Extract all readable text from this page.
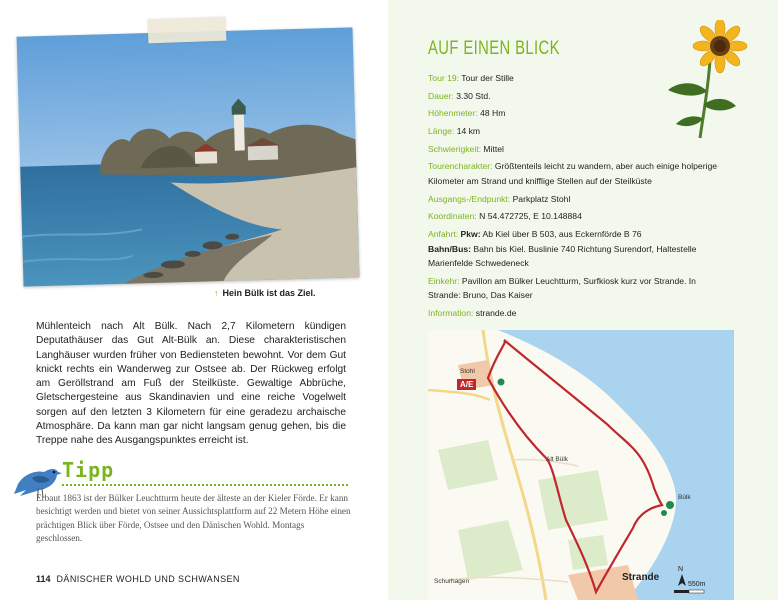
↑ Hein Bülk ist das Ziel.

Mühlenteich nach Alt Bülk. Nach 2,7 Kilometern kündigen Deputathäuser das Gut Alt-Bülk an. Diese charakteristischen Langhäuser wurden früher von Bediensteten bewohnt. Vor dem Gut knickt rechts ein Wanderweg zur Ostsee ab. Der Rückweg erfolgt am Geröllstrand am Fuß der Steilküste. Gewaltige Abbrüche, Gletschergesteine aus Skandinavien und eine reiche Vogelwelt sorgen auf den letzten 3 Kilometern für eine geradezu archaische Atmosphäre. Da kann man gar nicht langsam genug gehen, bis die Treppe nahe des Ausgangspunktes erreicht ist.

Tipp

Erbaut 1863 ist der Bülker Leuchtturm heute der älteste an der Kieler Förde. Er kann besichtigt werden und bietet von seiner Aussichtsplattform auf 22 Metern Höhe einen prächtigen Blick über Förde, Ostsee und den Dänischen Wohld. Montags geschlossen.

114 DÄNISCHER WOHLD UND SCHWANSEN
AUF EINEN BLICK
Tour 19: Tour der Stille
Dauer: 3.30 Std.
Höhenmeter: 48 Hm
Länge: 14 km
Schwierigkeit: Mittel
Tourencharakter: Größtenteils leicht zu wandern, aber auch einige holperige Kilometer am Strand und knifflige Stellen auf der Steilküste
Ausgangs-/Endpunkt: Parkplatz Stohl
Koordinaten: N 54.472725, E 10.148884
Anfahrt: Pkw: Ab Kiel über B 503, aus Eckernförde B 76
Bahn/Bus: Bahn bis Kiel. Buslinie 740 Richtung Surendorf, Haltestelle Marienfelde Schwedeneck
Einkehr: Pavillon am Bülker Leuchtturm, Surfkiosk kurz vor Strande. In Strande: Bruno, Das Kaiser
Information: strande.de
A/E
Stohl
Alt Bülk
Bülk
Schurhagen	Strande
N
550m
